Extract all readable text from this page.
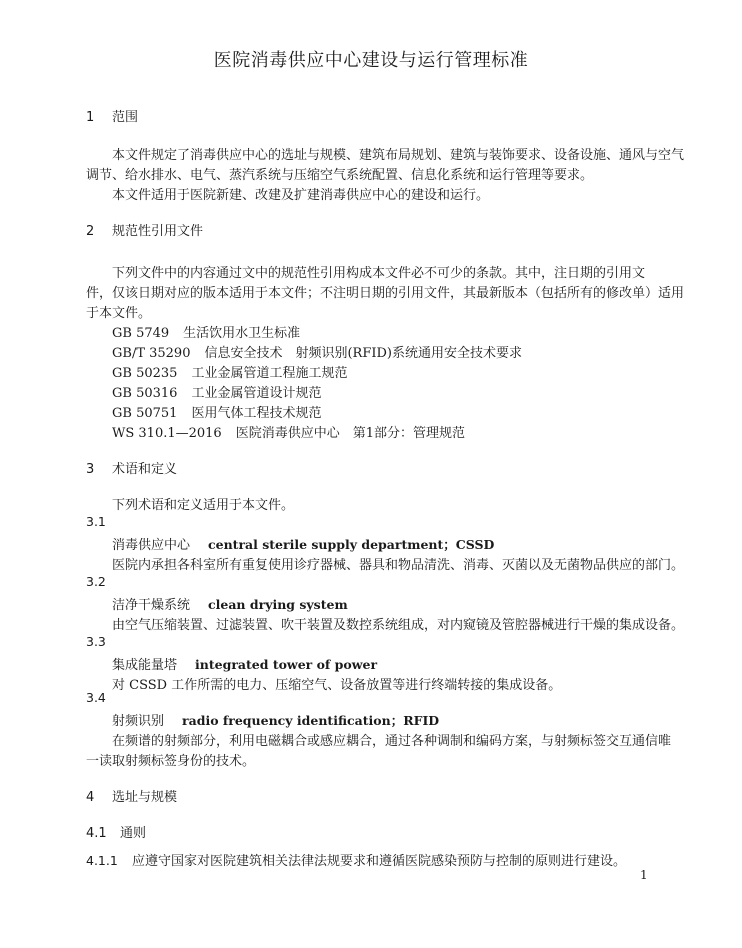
医院消毒供应中心建设与运行管理标准
1 范围
本文件规定了消毒供应中心的选址与规模、建筑布局规划、建筑与装饰要求、设备设施、通风与空气
调节、给水排水、电气、蒸汽系统与压缩空气系统配置、信息化系统和运行管理等要求。
本文件适用于医院新建、改建及扩建消毒供应中心的建设和运行。
2 规范性引用文件
下列文件中的内容通过文中的规范性引用构成本文件必不可少的条款。其中，注日期的引用文
件，仅该日期对应的版本适用于本文件；不注明日期的引用文件，其最新版本（包括所有的修改单）适用
于本文件。
GB 5749 生活饮用水卫生标准
GB/T 35290 信息安全技术　射频识别(RFID)系统通用安全技术要求
GB 50235 工业金属管道工程施工规范
GB 50316 工业金属管道设计规范
GB 50751 医用气体工程技术规范
WS 310.1—2016 医院消毒供应中心　第1部分：管理规范
3 术语和定义
下列术语和定义适用于本文件。
3.1
消毒供应中心 central sterile supply department；CSSD
医院内承担各科室所有重复使用诊疗器械、器具和物品清洗、消毒、灭菌以及无菌物品供应的部门。
3.2
洁净干燥系统 clean drying system
由空气压缩装置、过滤装置、吹干装置及数控系统组成，对内窥镜及管腔器械进行干燥的集成设备。
3.3
集成能量塔 integrated tower of power
对 CSSD 工作所需的电力、压缩空气、设备放置等进行终端转接的集成设备。
3.4
射频识别 radio frequency identification；RFID
在频谱的射频部分，利用电磁耦合或感应耦合，通过各种调制和编码方案，与射频标签交互通信唯
一读取射频标签身份的技术。
4 选址与规模
4.1 通则
4.1.1 应遵守国家对医院建筑相关法律法规要求和遵循医院感染预防与控制的原则进行建设。
1
